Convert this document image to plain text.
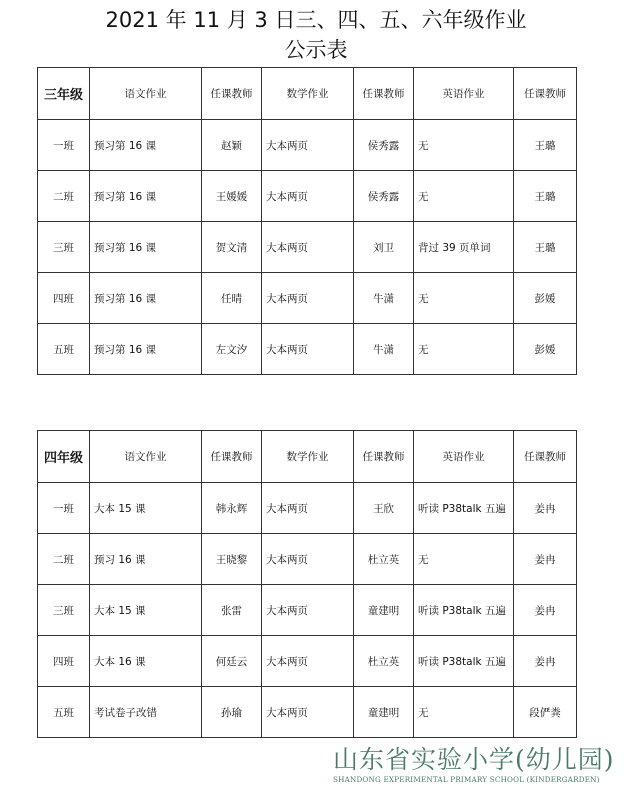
2021 年 11 月 3 日三、四、五、六年级作业
公示表
三年级	语文作业	任课教师	数学作业	任课教师	英语作业	任课教师
一班	预习第 16 课	赵颖	大本两页	侯秀露	无	王璐
二班	预习第 16 课	王媛媛	大本两页	侯秀露	无	王璐
三班	预习第 16 课	贺文清	大本两页	刘卫	背过 39 页单词	王璐
四班	预习第 16 课	任晴	大本两页	牛潇	无	彭媛
五班	预习第 16 课	左文汐	大本两页	牛潇	无	彭媛
四年级	语文作业	任课教师	数学作业	任课教师	英语作业	任课教师
一班	大本 15 课	韩永辉	大本两页	王欣	听读 P38talk 五遍	姜冉
二班	预习 16 课	王晓黎	大本两页	杜立英	无	姜冉
三班	大本 15 课	张雷	大本两页	童建明	听读 P38talk 五遍	姜冉
四班	大本 16 课	何廷云	大本两页	杜立英	听读 P38talk 五遍	姜冉
五班	考试卷子改错	孙瑜	大本两页	童建明	无	段俨粪
山东省实验小学(幼儿园)
SHANDONG EXPERIMENTAL PRIMARY SCHOOL (KINDERGARDEN)
